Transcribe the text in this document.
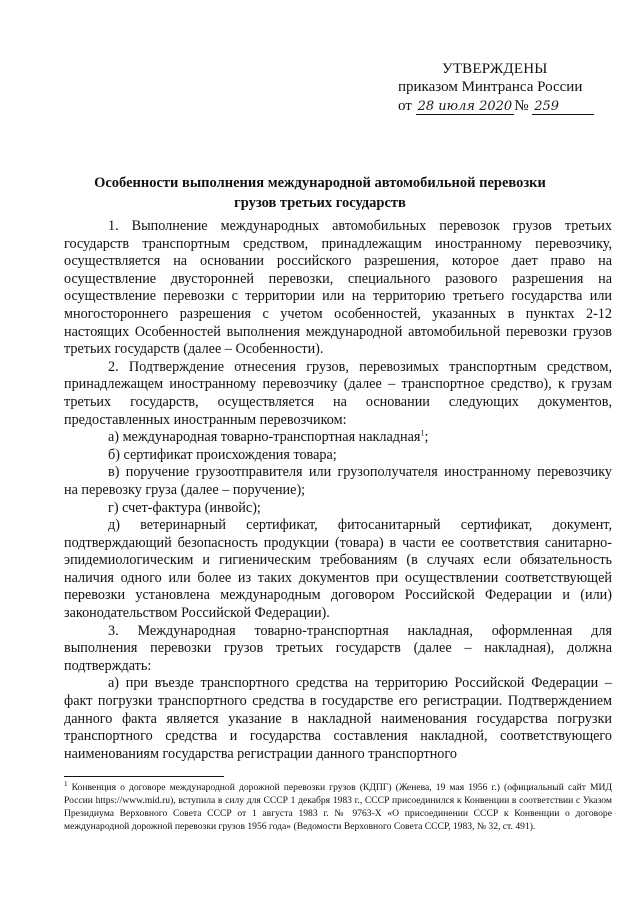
УТВЕРЖДЕНЫ
приказом Минтранса России
от 28 июля 2020 № 259
Особенности выполнения международной автомобильной перевозки
грузов третьих государств

1. Выполнение международных автомобильных перевозок грузов третьих государств транспортным средством, принадлежащим иностранному перевозчику, осуществляется на основании российского разрешения, которое дает право на осуществление двусторонней перевозки, специального разового разрешения на осуществление перевозки с территории или на территорию третьего государства или многостороннего разрешения с учетом особенностей, указанных в пунктах 2-12 настоящих Особенностей выполнения международной автомобильной перевозки грузов третьих государств (далее – Особенности).

2. Подтверждение отнесения грузов, перевозимых транспортным средством, принадлежащем иностранному перевозчику (далее – транспортное средство), к грузам третьих государств, осуществляется на основании следующих документов, предоставленных иностранным перевозчиком:

а) международная товарно-транспортная накладная$^1$;

б) сертификат происхождения товара;

в) поручение грузоотправителя или грузополучателя иностранному перевозчику на перевозку груза (далее – поручение);

г) счет-фактура (инвойс);

д) ветеринарный сертификат, фитосанитарный сертификат, документ, подтверждающий безопасность продукции (товара) в части ее соответствия санитарно-эпидемиологическим и гигиеническим требованиям (в случаях если обязательность наличия одного или более из таких документов при осуществлении соответствующей перевозки установлена международным договором Российской Федерации и (или) законодательством Российской Федерации).

3. Международная товарно-транспортная накладная, оформленная для выполнения перевозки грузов третьих государств (далее – накладная), должна подтверждать:

а) при въезде транспортного средства на территорию Российской Федерации – факт погрузки транспортного средства в государстве его регистрации. Подтверждением данного факта является указание в накладной наименования государства погрузки транспортного средства и государства составления накладной, соответствующего наименованиям государства регистрации данного транспортного

$^1$ Конвенция о договоре международной дорожной перевозки грузов (КДПГ) (Женева, 19 мая 1956 г.) (официальный сайт МИД России https://www.mid.ru), вступила в силу для СССР 1 декабря 1983 г., СССР присоединился к Конвенции в соответствии с Указом Президиума Верховного Совета СССР от 1 августа 1983 г. № 9763-Х «О присоединении СССР к Конвенции о договоре международной дорожной перевозки грузов 1956 года» (Ведомости Верховного Совета СССР, 1983, № 32, ст. 491).
